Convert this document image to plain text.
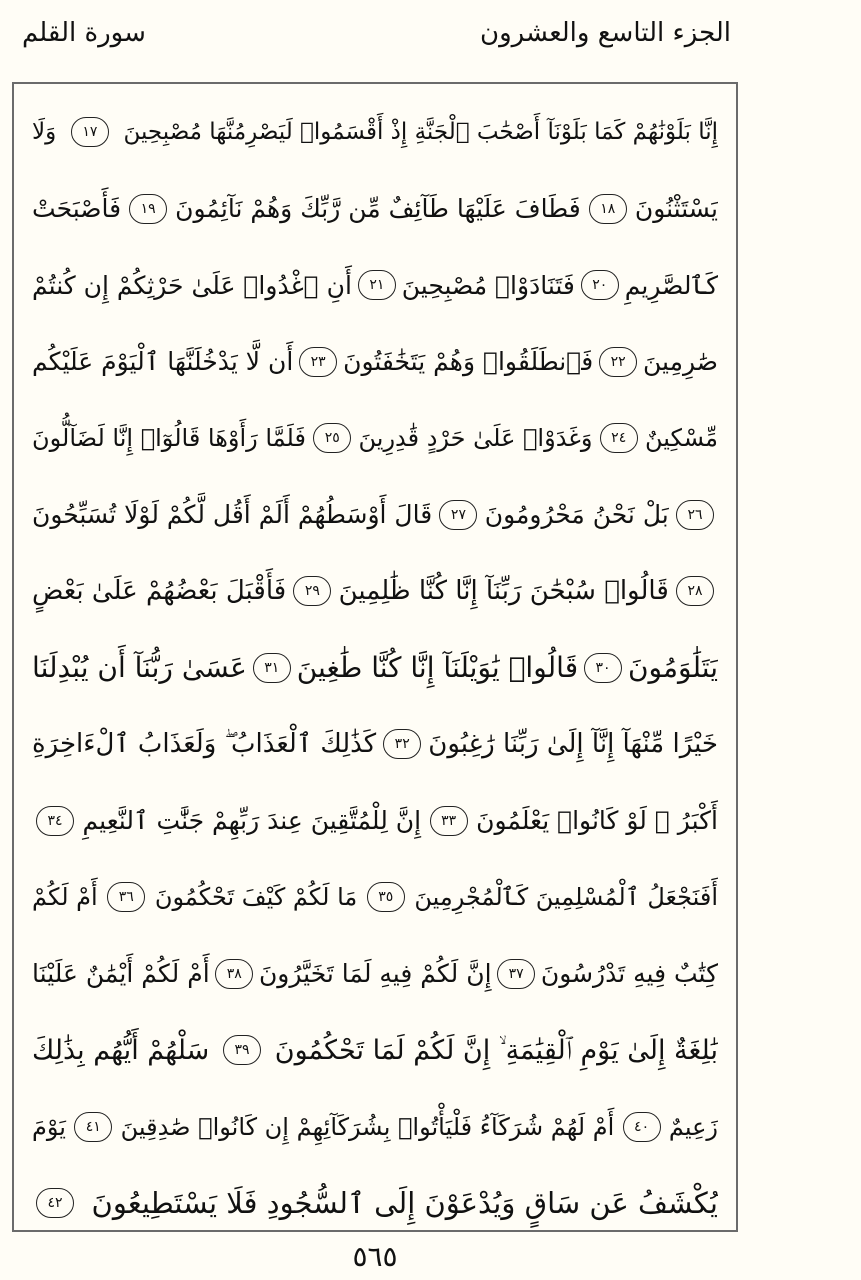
سورة القلم	الجزء التاسع والعشرون
إِنَّا بَلَوْنَٰهُمْ كَمَا بَلَوْنَآ أَصْحَٰبَ ٱلْجَنَّةِ إِذْ أَقْسَمُوا۟ لَيَصْرِمُنَّهَا مُصْبِحِينَ
١٧
وَلَا
يَسْتَثْنُونَ
١٨
فَطَافَ عَلَيْهَا طَآئِفٌ مِّن رَّبِّكَ وَهُمْ نَآئِمُونَ
١٩
فَأَصْبَحَتْ
كَٱلصَّرِيمِ
٢٠
فَتَنَادَوْا۟ مُصْبِحِينَ
٢١
أَنِ ٱغْدُوا۟ عَلَىٰ حَرْثِكُمْ إِن كُنتُمْ
صَٰرِمِينَ
٢٢
فَٱنطَلَقُوا۟ وَهُمْ يَتَخَٰفَتُونَ
٢٣
أَن لَّا يَدْخُلَنَّهَا ٱلْيَوْمَ عَلَيْكُم
مِّسْكِينٌ
٢٤
وَغَدَوْا۟ عَلَىٰ حَرْدٍ قَٰدِرِينَ
٢٥
فَلَمَّا رَأَوْهَا قَالُوٓا۟ إِنَّا لَضَآلُّونَ
٢٦
بَلْ نَحْنُ مَحْرُومُونَ
٢٧
قَالَ أَوْسَطُهُمْ أَلَمْ أَقُل لَّكُمْ لَوْلَا تُسَبِّحُونَ
٢٨
قَالُوا۟ سُبْحَٰنَ رَبِّنَآ إِنَّا كُنَّا ظَٰلِمِينَ
٢٩
فَأَقْبَلَ بَعْضُهُمْ عَلَىٰ بَعْضٍ
يَتَلَٰوَمُونَ
٣٠
قَالُوا۟ يَٰوَيْلَنَآ إِنَّا كُنَّا طَٰغِينَ
٣١
عَسَىٰ رَبُّنَآ أَن يُبْدِلَنَا
خَيْرًا مِّنْهَآ إِنَّآ إِلَىٰ رَبِّنَا رَٰغِبُونَ
٣٢
كَذَٰلِكَ ٱلْعَذَابُ ۖ وَلَعَذَابُ ٱلْءَاخِرَةِ
أَكْبَرُ ۚ لَوْ كَانُوا۟ يَعْلَمُونَ
٣٣
إِنَّ لِلْمُتَّقِينَ عِندَ رَبِّهِمْ جَنَّٰتِ ٱلنَّعِيمِ
٣٤
أَفَنَجْعَلُ ٱلْمُسْلِمِينَ كَٱلْمُجْرِمِينَ
٣٥
مَا لَكُمْ كَيْفَ تَحْكُمُونَ
٣٦
أَمْ لَكُمْ
كِتَٰبٌ فِيهِ تَدْرُسُونَ
٣٧
إِنَّ لَكُمْ فِيهِ لَمَا تَخَيَّرُونَ
٣٨
أَمْ لَكُمْ أَيْمَٰنٌ عَلَيْنَا
بَٰلِغَةٌ إِلَىٰ يَوْمِ ٱلْقِيَٰمَةِ ۙ إِنَّ لَكُمْ لَمَا تَحْكُمُونَ
٣٩
سَلْهُمْ أَيُّهُم بِذَٰلِكَ
زَعِيمٌ
٤٠
أَمْ لَهُمْ شُرَكَآءُ فَلْيَأْتُوا۟ بِشُرَكَآئِهِمْ إِن كَانُوا۟ صَٰدِقِينَ
٤١
يَوْمَ
يُكْشَفُ عَن سَاقٍ وَيُدْعَوْنَ إِلَى ٱلسُّجُودِ فَلَا يَسْتَطِيعُونَ
٤٢
٥٦٥
